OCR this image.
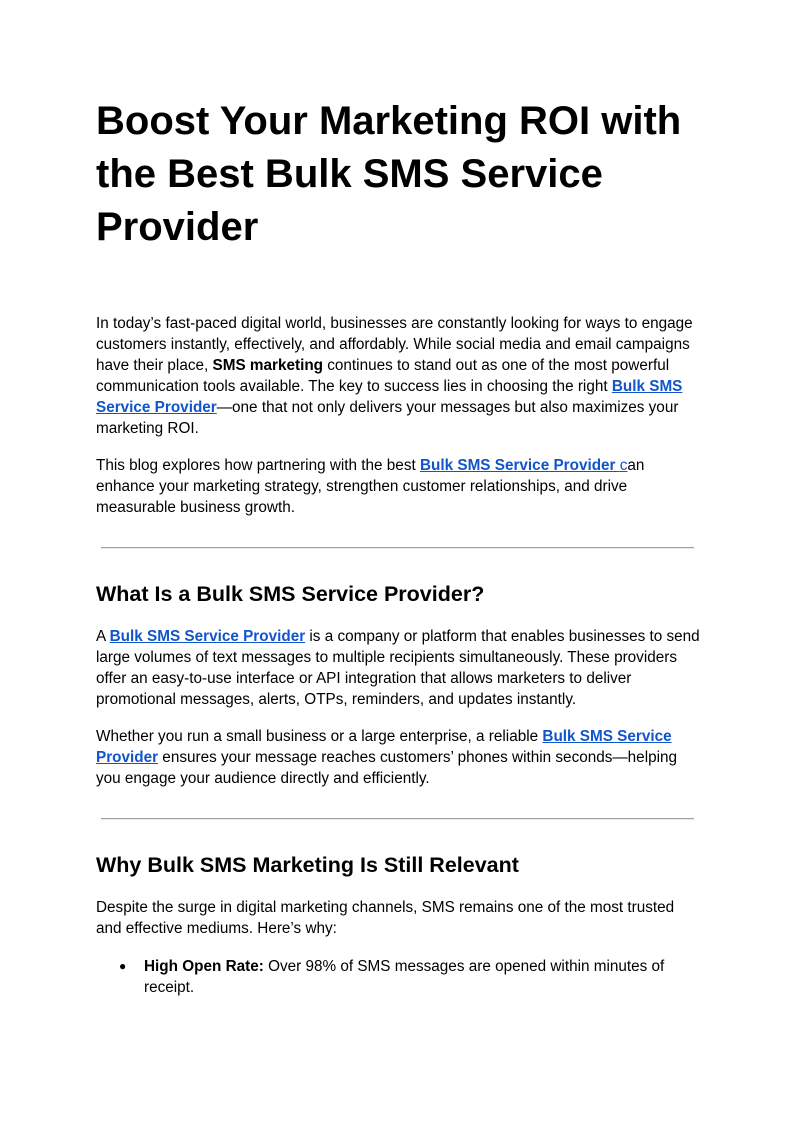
Boost Your Marketing ROI with the Best Bulk SMS Service Provider

In today’s fast-paced digital world, businesses are constantly looking for ways to engage customers instantly, effectively, and affordably. While social media and email campaigns have their place, SMS marketing continues to stand out as one of the most powerful communication tools available. The key to success lies in choosing the right Bulk SMS Service Provider—one that not only delivers your messages but also maximizes your marketing ROI.

This blog explores how partnering with the best Bulk SMS Service Provider can enhance your marketing strategy, strengthen customer relationships, and drive measurable business growth.

What Is a Bulk SMS Service Provider?

A Bulk SMS Service Provider is a company or platform that enables businesses to send large volumes of text messages to multiple recipients simultaneously. These providers offer an easy-to-use interface or API integration that allows marketers to deliver promotional messages, alerts, OTPs, reminders, and updates instantly.

Whether you run a small business or a large enterprise, a reliable Bulk SMS Service Provider ensures your message reaches customers’ phones within seconds—helping you engage your audience directly and efficiently.

Why Bulk SMS Marketing Is Still Relevant

Despite the surge in digital marketing channels, SMS remains one of the most trusted and effective mediums. Here’s why:

● High Open Rate: Over 98% of SMS messages are opened within minutes of receipt.
